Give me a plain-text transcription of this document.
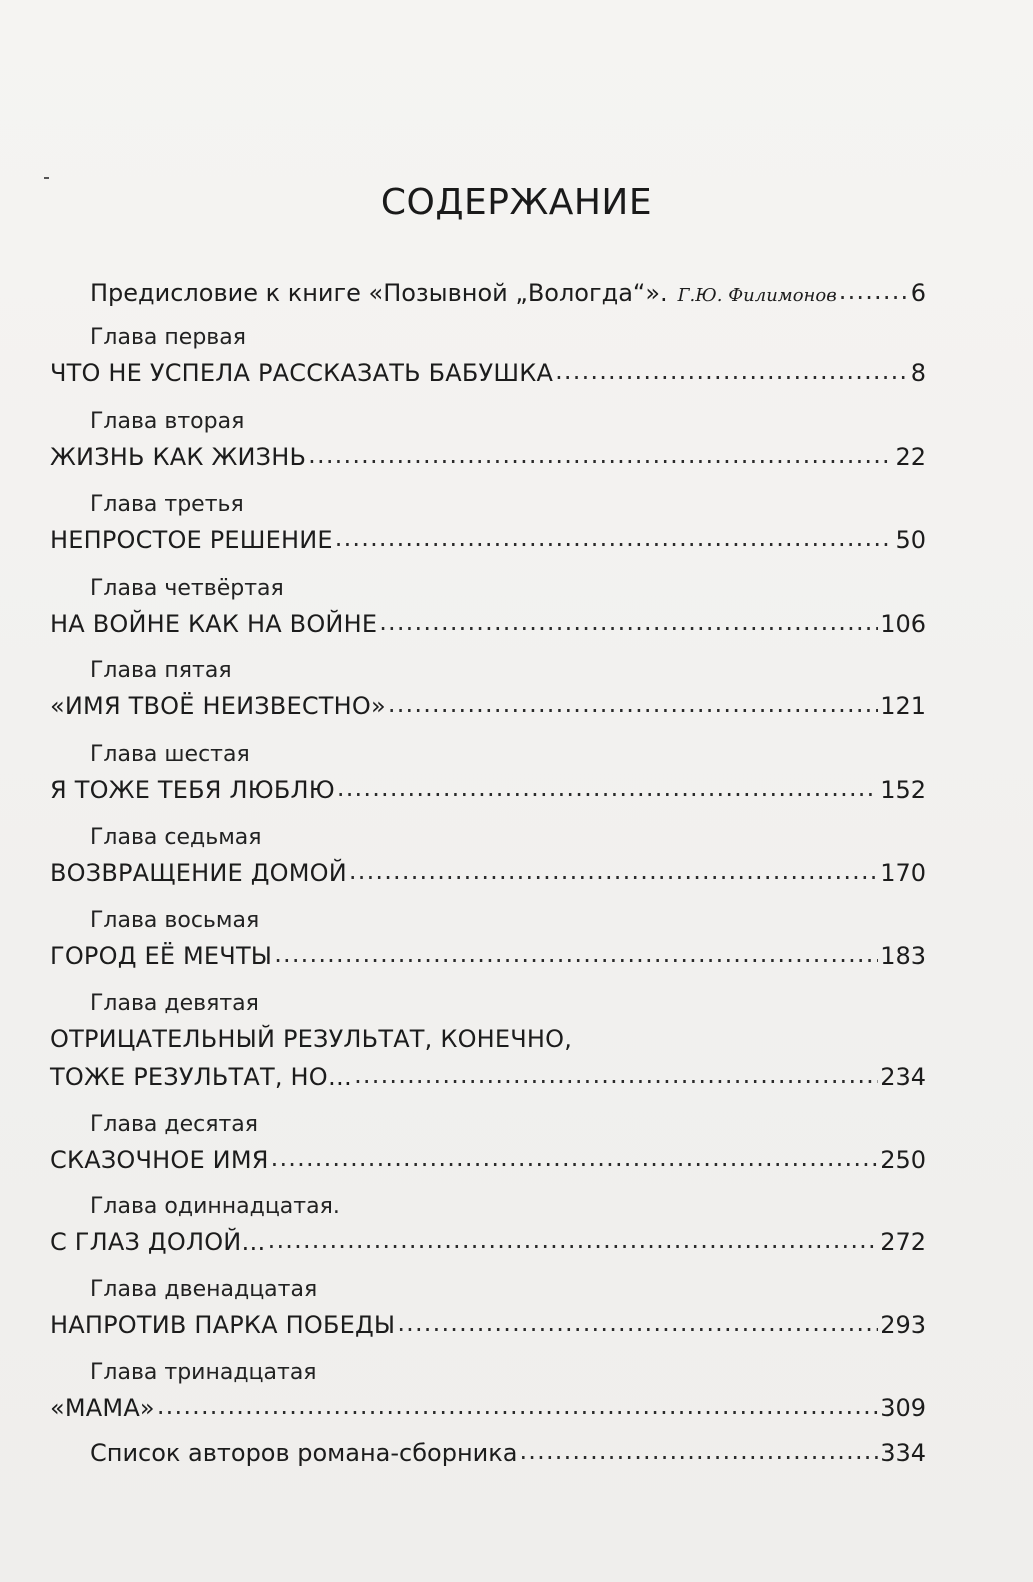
СОДЕРЖАНИЕ
Предисловие к книге «Позывной „Вологда“». Г.Ю. Филимонов .....	6
Глава первая
ЧТО НЕ УСПЕЛА РАССКАЗАТЬ БАБУШКА .....	8
Глава вторая
ЖИЗНЬ КАК ЖИЗНЬ .....	22
Глава третья
НЕПРОСТОЕ РЕШЕНИЕ .....	50
Глава четвёртая
НА ВОЙНЕ КАК НА ВОЙНЕ .....	106
Глава пятая
«ИМЯ ТВОЁ НЕИЗВЕСТНО» .....	121
Глава шестая
Я ТОЖЕ ТЕБЯ ЛЮБЛЮ .....	152
Глава седьмая
ВОЗВРАЩЕНИЕ ДОМОЙ .....	170
Глава восьмая
ГОРОД ЕЁ МЕЧТЫ .....	183
Глава девятая
ОТРИЦАТЕЛЬНЫЙ РЕЗУЛЬТАТ, КОНЕЧНО,
ТОЖЕ РЕЗУЛЬТАТ, НО… .....	234
Глава десятая
СКАЗОЧНОЕ ИМЯ .....	250
Глава одиннадцатая.
С ГЛАЗ ДОЛОЙ… .....	272
Глава двенадцатая
НАПРОТИВ ПАРКА ПОБЕДЫ .....	293
Глава тринадцатая
«МАМА» .....	309
Список авторов романа-сборника .....	334
